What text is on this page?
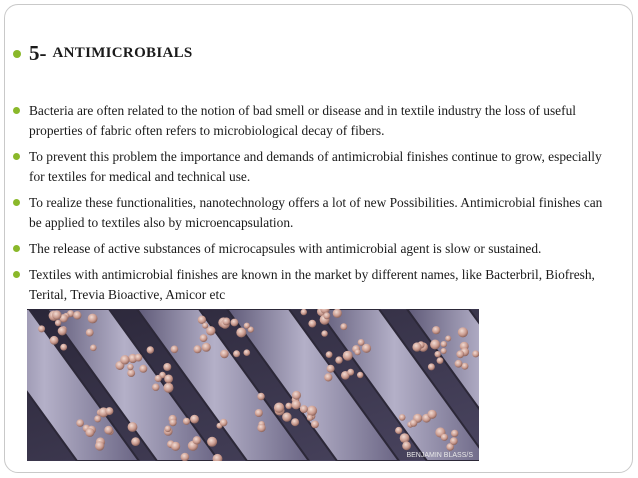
5- ANTIMICROBIALS
Bacteria are often related to the notion of bad smell or disease and in textile industry the loss of useful properties of fabric often refers to microbiological decay of fibers.
To prevent this problem the importance and demands of antimicrobial finishes continue to grow, especially for textiles for medical and technical use.
To realize these functionalities, nanotechnology offers a lot of new Possibilities. Antimicrobial finishes can be applied to textiles also by microencapsulation.
The release of active substances of microcapsules with antimicrobial agent is slow or sustained.
Textiles with antimicrobial finishes are known in the market by different names, like Bacterbril, Biofresh, Terital, Trevia Bioactive, Amicor etc
BENJAMIN BLASS/S
